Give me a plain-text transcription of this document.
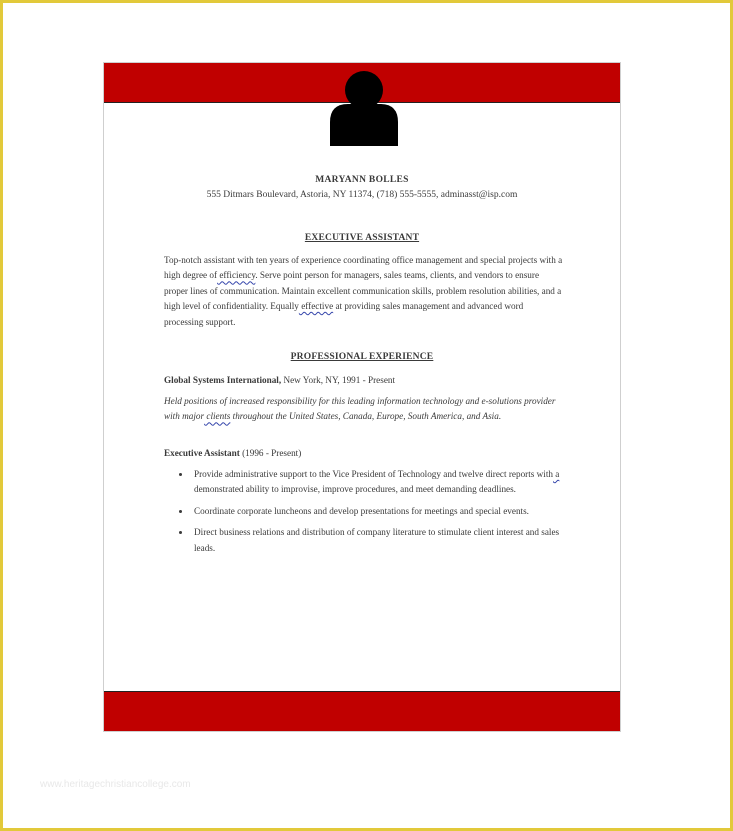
MARYANN BOLLES
555 Ditmars Boulevard, Astoria, NY 11374, (718) 555-5555, adminasst@isp.com
EXECUTIVE ASSISTANT

Top-notch assistant with ten years of experience coordinating office management and special projects with a high degree of efficiency. Serve point person for managers, sales teams, clients, and vendors to ensure proper lines of communication. Maintain excellent communication skills, problem resolution abilities, and a high level of confidentiality. Equally effective at providing sales management and advanced word processing support.

PROFESSIONAL EXPERIENCE

Global Systems International, New York, NY, 1991 - Present

Held positions of increased responsibility for this leading information technology and e-solutions provider with major clients throughout the United States, Canada, Europe, South America, and Asia.

Executive Assistant (1996 - Present)

Provide administrative support to the Vice President of Technology and twelve direct reports with a demonstrated ability to improvise, improve procedures, and meet demanding deadlines.
Coordinate corporate luncheons and develop presentations for meetings and special events.
Direct business relations and distribution of company literature to stimulate client interest and sales leads.
www.heritagechristiancollege.com
